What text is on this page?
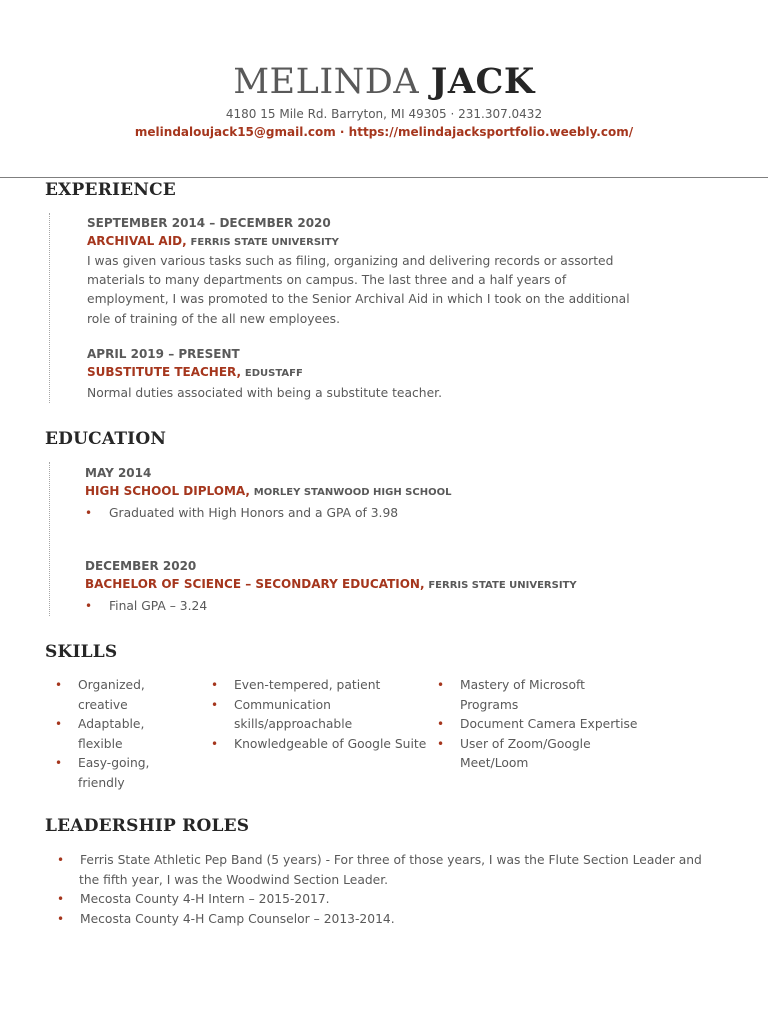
MELINDA JACK
4180 15 Mile Rd. Barryton, MI 49305 · 231.307.0432
melindaloujack15@gmail.com · https://melindajacksportfolio.weebly.com/
EXPERIENCE
SEPTEMBER 2014 – DECEMBER 2020
ARCHIVAL AID, FERRIS STATE UNIVERSITY
I was given various tasks such as filing, organizing and delivering records or assorted
materials to many departments on campus. The last three and a half years of
employment, I was promoted to the Senior Archival Aid in which I took on the additional
role of training of the all new employees.
APRIL 2019 – PRESENT
SUBSTITUTE TEACHER, EDUSTAFF
Normal duties associated with being a substitute teacher.
EDUCATION
MAY 2014
HIGH SCHOOL DIPLOMA, MORLEY STANWOOD HIGH SCHOOL
• Graduated with High Honors and a GPA of 3.98
DECEMBER 2020
BACHELOR OF SCIENCE – SECONDARY EDUCATION, FERRIS STATE UNIVERSITY
• Final GPA – 3.24
SKILLS
• Organized,
creative
• Adaptable,
flexible
• Easy-going,
friendly
• Even-tempered, patient
• Communication
skills/approachable
• Knowledgeable of Google Suite
• Mastery of Microsoft
Programs
• Document Camera Expertise
• User of Zoom/Google
Meet/Loom
LEADERSHIP ROLES
• Ferris State Athletic Pep Band (5 years) - For three of those years, I was the Flute Section Leader and
the fifth year, I was the Woodwind Section Leader.
• Mecosta County 4-H Intern – 2015-2017.
• Mecosta County 4-H Camp Counselor – 2013-2014.
